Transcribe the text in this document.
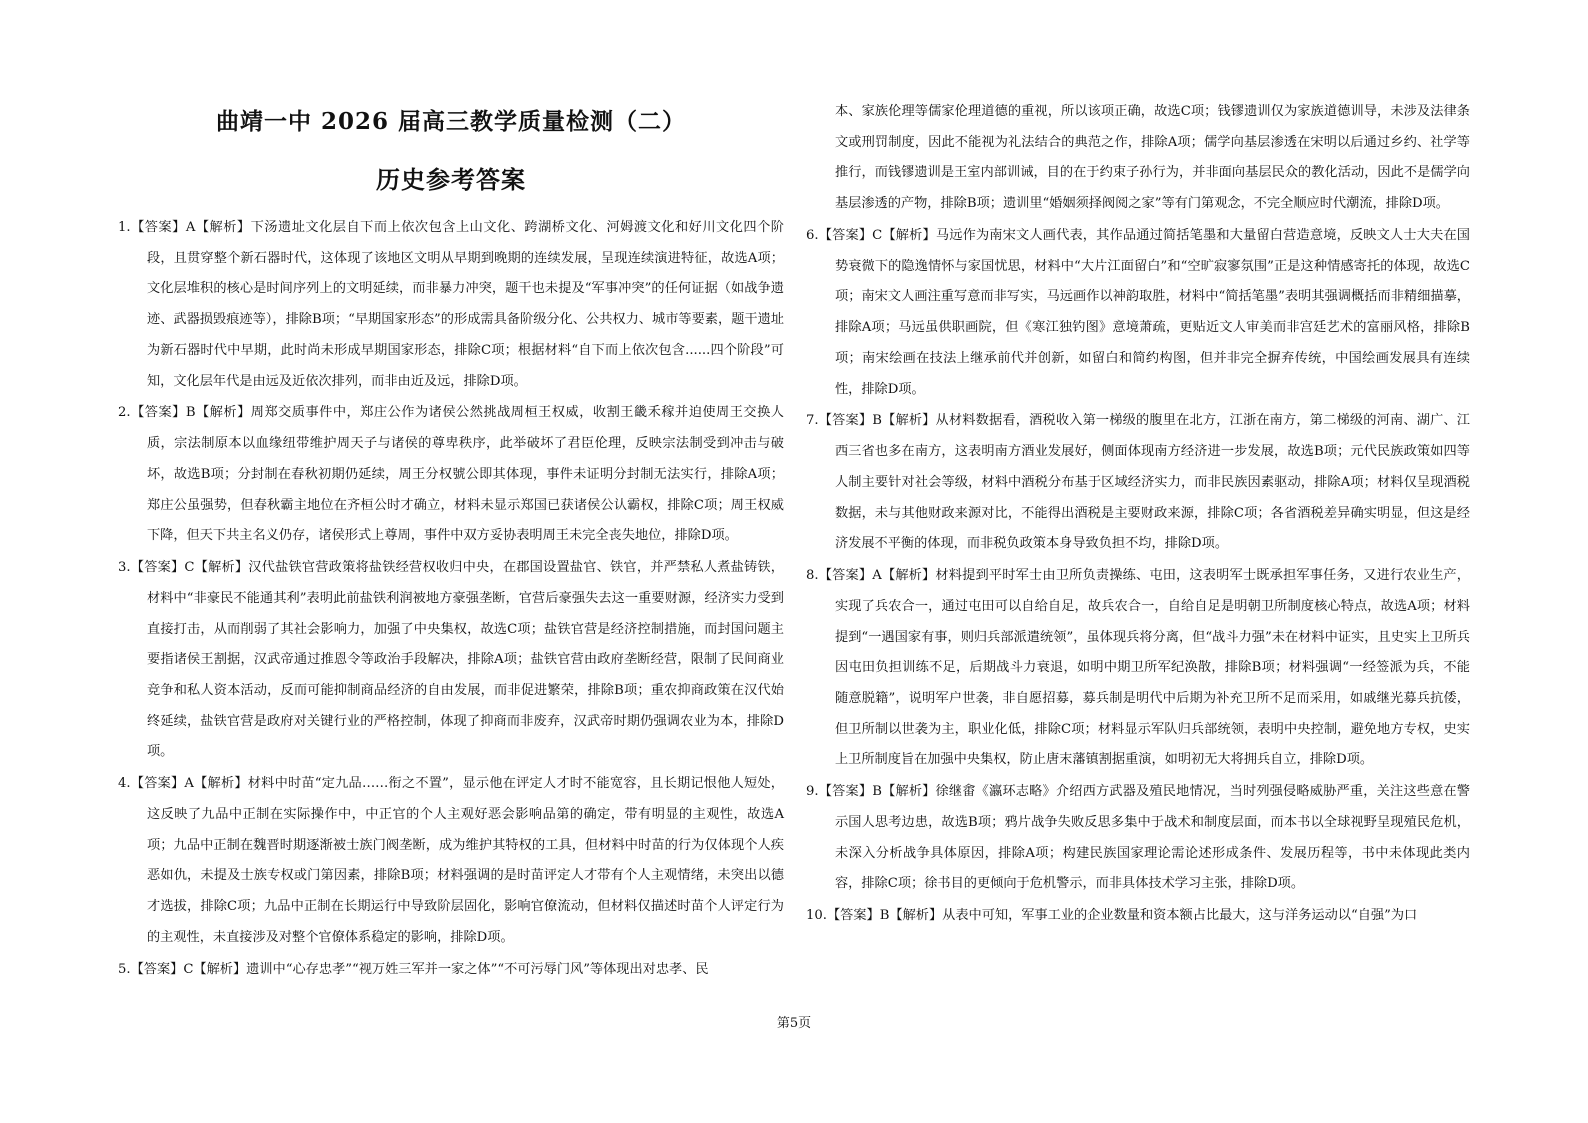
曲靖一中 2026 届高三教学质量检测（二）
历史参考答案

1.【答案】A【解析】下汤遗址文化层自下而上依次包含上山文化、跨湖桥文化、河姆渡文化和好川文化四个阶段，且贯穿整个新石器时代，这体现了该地区文明从早期到晚期的连续发展，呈现连续演进特征，故选A项；文化层堆积的核心是时间序列上的文明延续，而非暴力冲突，题干也未提及“军事冲突”的任何证据（如战争遗迹、武器损毁痕迹等），排除B项；“早期国家形态”的形成需具备阶级分化、公共权力、城市等要素，题干遗址为新石器时代中早期，此时尚未形成早期国家形态，排除C项；根据材料“自下而上依次包含......四个阶段”可知，文化层年代是由远及近依次排列，而非由近及远，排除D项。

2.【答案】B【解析】周郑交质事件中，郑庄公作为诸侯公然挑战周桓王权威，收割王畿禾稼并迫使周王交换人质，宗法制原本以血缘纽带维护周天子与诸侯的尊卑秩序，此举破坏了君臣伦理，反映宗法制受到冲击与破坏，故选B项；分封制在春秋初期仍延续，周王分权號公即其体现，事件未证明分封制无法实行，排除A项；郑庄公虽强势，但春秋霸主地位在齐桓公时才确立，材料未显示郑国已获诸侯公认霸权，排除C项；周王权威下降，但天下共主名义仍存，诸侯形式上尊周，事件中双方妥协表明周王未完全丧失地位，排除D项。

3.【答案】C【解析】汉代盐铁官营政策将盐铁经营权收归中央，在郡国设置盐官、铁官，并严禁私人煮盐铸铁，材料中“非豪民不能通其利”表明此前盐铁利润被地方豪强垄断，官营后豪强失去这一重要财源，经济实力受到直接打击，从而削弱了其社会影响力，加强了中央集权，故选C项；盐铁官营是经济控制措施，而封国问题主要指诸侯王割据，汉武帝通过推恩令等政治手段解决，排除A项；盐铁官营由政府垄断经营，限制了民间商业竞争和私人资本活动，反而可能抑制商品经济的自由发展，而非促进繁荣，排除B项；重农抑商政策在汉代始终延续，盐铁官营是政府对关键行业的严格控制，体现了抑商而非废弃，汉武帝时期仍强调农业为本，排除D项。

4.【答案】A【解析】材料中时苗“定九品……衔之不置”，显示他在评定人才时不能宽容，且长期记恨他人短处，这反映了九品中正制在实际操作中，中正官的个人主观好恶会影响品第的确定，带有明显的主观性，故选A项；九品中正制在魏晋时期逐渐被士族门阀垄断，成为维护其特权的工具，但材料中时苗的行为仅体现个人疾恶如仇，未提及士族专权或门第因素，排除B项；材料强调的是时苗评定人才带有个人主观情绪，未突出以德才选拔，排除C项；九品中正制在长期运行中导致阶层固化，影响官僚流动，但材料仅描述时苗个人评定行为的主观性，未直接涉及对整个官僚体系稳定的影响，排除D项。

5.【答案】C【解析】遗训中“心存忠孝”“视万姓三军并一家之体”“不可污辱门风”等体现出对忠孝、民

本、家族伦理等儒家伦理道德的重视，所以该项正确，故选C项；钱镠遗训仅为家族道德训导，未涉及法律条文或刑罚制度，因此不能视为礼法结合的典范之作，排除A项；儒学向基层渗透在宋明以后通过乡约、社学等推行，而钱镠遗训是王室内部训诫，目的在于约束子孙行为，并非面向基层民众的教化活动，因此不是儒学向基层渗透的产物，排除B项；遗训里“婚姻须择阀阅之家”等有门第观念，不完全顺应时代潮流，排除D项。

6.【答案】C【解析】马远作为南宋文人画代表，其作品通过简括笔墨和大量留白营造意境，反映文人士大夫在国势衰微下的隐逸情怀与家国忧思，材料中“大片江面留白”和“空旷寂寥氛围”正是这种情感寄托的体现，故选C项；南宋文人画注重写意而非写实，马远画作以神韵取胜，材料中“简括笔墨”表明其强调概括而非精细描摹，排除A项；马远虽供职画院，但《寒江独钓图》意境萧疏，更贴近文人审美而非宫廷艺术的富丽风格，排除B项；南宋绘画在技法上继承前代并创新，如留白和简约构图，但并非完全摒弃传统，中国绘画发展具有连续性，排除D项。

7.【答案】B【解析】从材料数据看，酒税收入第一梯级的腹里在北方，江浙在南方，第二梯级的河南、湖广、江西三省也多在南方，这表明南方酒业发展好，侧面体现南方经济进一步发展，故选B项；元代民族政策如四等人制主要针对社会等级，材料中酒税分布基于区域经济实力，而非民族因素驱动，排除A项；材料仅呈现酒税数据，未与其他财政来源对比，不能得出酒税是主要财政来源，排除C项；各省酒税差异确实明显，但这是经济发展不平衡的体现，而非税负政策本身导致负担不均，排除D项。

8.【答案】A【解析】材料提到平时军士由卫所负责操练、屯田，这表明军士既承担军事任务，又进行农业生产，实现了兵农合一，通过屯田可以自给自足，故兵农合一，自给自足是明朝卫所制度核心特点，故选A项；材料提到“一遇国家有事，则归兵部派遣统领”，虽体现兵将分离，但“战斗力强”未在材料中证实，且史实上卫所兵因屯田负担训练不足，后期战斗力衰退，如明中期卫所军纪涣散，排除B项；材料强调“一经签派为兵，不能随意脱籍”，说明军户世袭，非自愿招募，募兵制是明代中后期为补充卫所不足而采用，如戚继光募兵抗倭，但卫所制以世袭为主，职业化低，排除C项；材料显示军队归兵部统领，表明中央控制，避免地方专权，史实上卫所制度旨在加强中央集权，防止唐末藩镇割据重演，如明初无大将拥兵自立，排除D项。

9.【答案】B【解析】徐继畬《瀛环志略》介绍西方武器及殖民地情况，当时列强侵略威胁严重，关注这些意在警示国人思考边患，故选B项；鸦片战争失败反思多集中于战术和制度层面，而本书以全球视野呈现殖民危机，未深入分析战争具体原因，排除A项；构建民族国家理论需论述形成条件、发展历程等，书中未体现此类内容，排除C项；徐书目的更倾向于危机警示，而非具体技术学习主张，排除D项。

10.【答案】B【解析】从表中可知，军事工业的企业数量和资本额占比最大，这与洋务运动以“自强”为口

第5页
